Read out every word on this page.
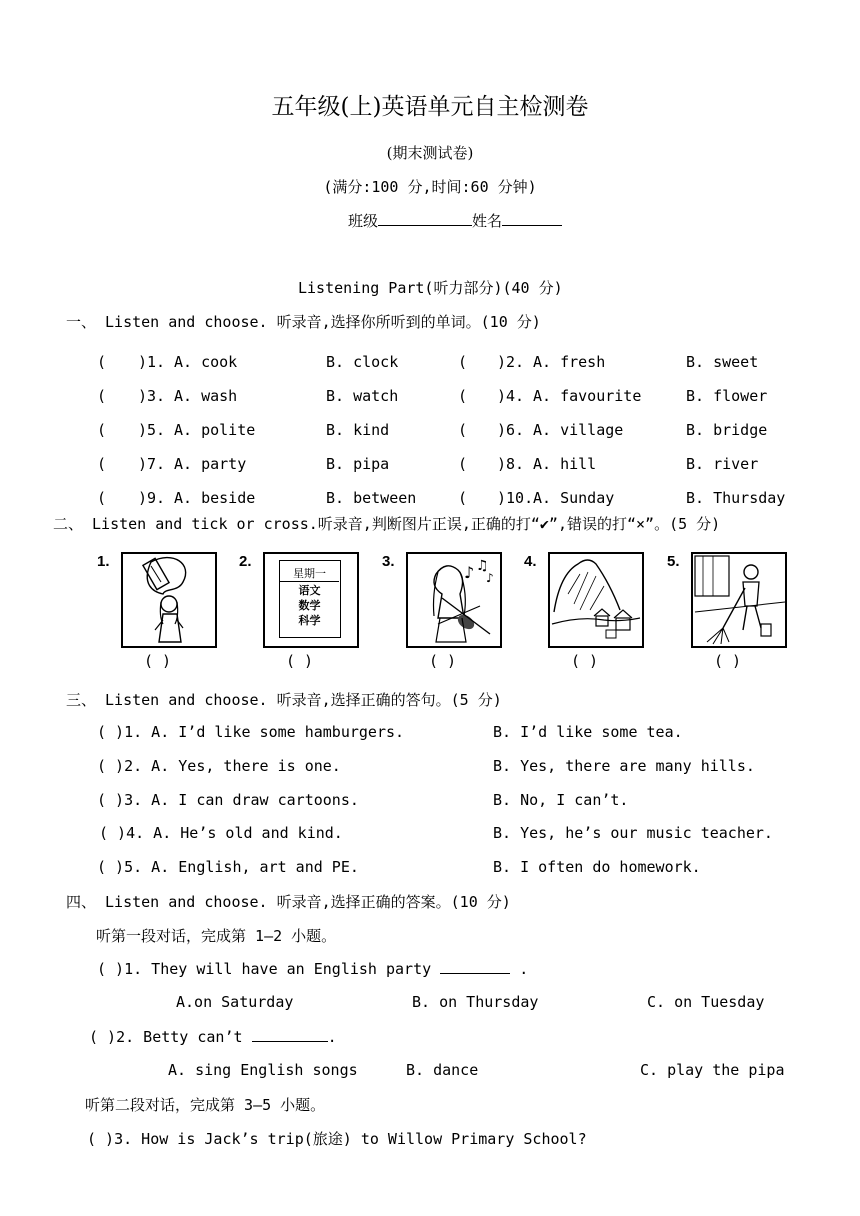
五年级(上)英语单元自主检测卷
(期末测试卷)
(满分:100 分,时间:60 分钟)
班级	姓名
Listening Part(听力部分)(40 分)
一、 Listen and choose. 听录音,选择你所听到的单词。(10 分)
( )1. A. cook	B. clock	( )2. A. fresh	B. sweet
( )3. A. wash	B. watch	( )4. A. favourite	B. flower
( )5. A. polite	B. kind	( )6. A. village	B. bridge
( )7. A. party	B. pipa	( )8. A. hill	B. river
( )9. A. beside	B. between	( )10. A. Sunday	B. Thursday
二、 Listen and tick or cross.听录音,判断图片正误,正确的打“✔”,错误的打“×”。(5 分)
1.
( )
2.
星期一
语文
数学
科学
( )
3.
♪ ♫
♪
( )
4.
( )
5.
( )
三、 Listen and choose. 听录音,选择正确的答句。(5 分)
( )1. A. I’d like some hamburgers.	B. I’d like some tea.
( )2. A. Yes, there is one.	B. Yes, there are many hills.
( )3. A. I can draw cartoons.	B. No, I can’t.
( )4. A. He’s old and kind.	B. Yes, he’s our music teacher.
( )5. A. English, art and PE.	B. I often do homework.
四、 Listen and choose. 听录音,选择正确的答案。(10 分)
听第一段对话，完成第 1—2 小题。
( )1. They will have an English party	.
A.on Saturday	B. on Thursday	C. on Tuesday
( )2. Betty can’t	.
A. sing English songs	B. dance	C. play the pipa
听第二段对话，完成第 3—5 小题。
( )3. How is Jack’s trip(旅途) to Willow Primary School?
